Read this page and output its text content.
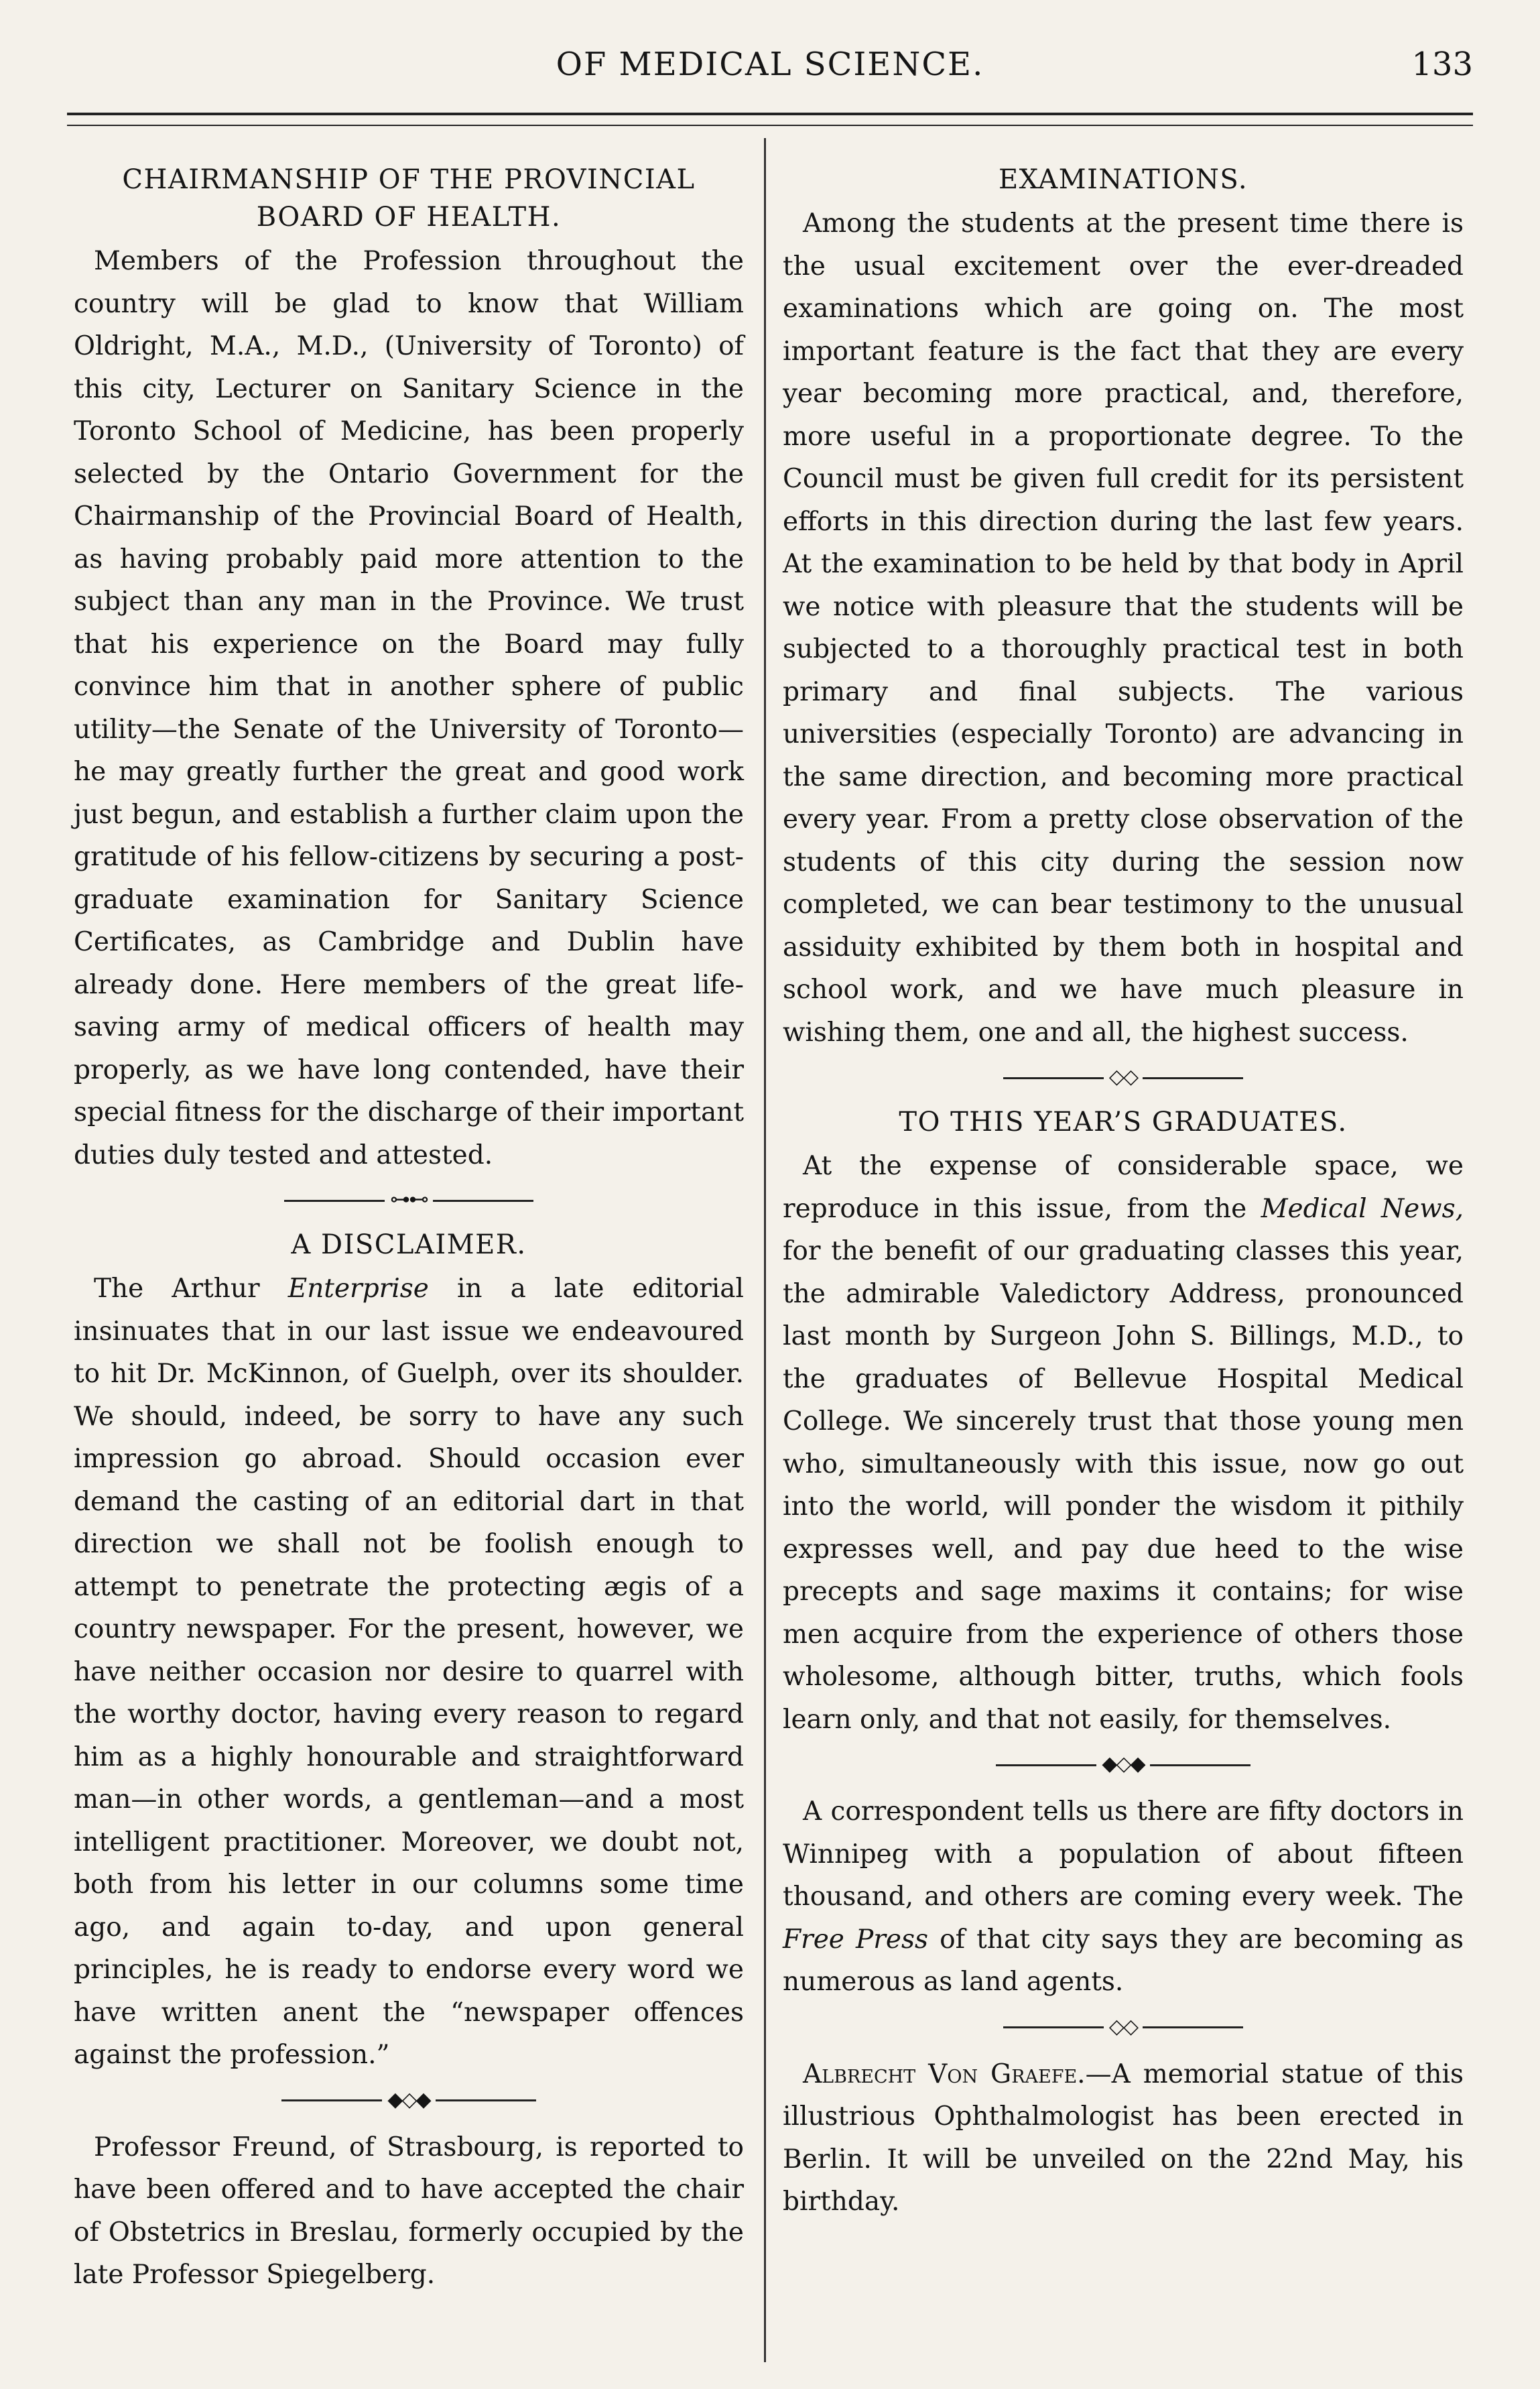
OF MEDICAL SCIENCE.	133
CHAIRMANSHIP OF THE PROVINCIAL
BOARD OF HEALTH.

Members of the Profession throughout the country will be glad to know that William Oldright, M.A., M.D., (University of Toronto) of this city, Lecturer on Sanitary Science in the Toronto School of Medicine, has been properly selected by the Ontario Government for the Chairmanship of the Provincial Board of Health, as having probably paid more attention to the subject than any man in the Province. We trust that his experience on the Board may fully convince him that in another sphere of public utility—the Senate of the University of Toronto—he may greatly further the great and good work just begun, and establish a further claim upon the gratitude of his fellow-citizens by securing a post-graduate examination for Sanitary Science Certificates, as Cambridge and Dublin have already done. Here members of the great life-saving army of medical officers of health may properly, as we have long contended, have their special fitness for the discharge of their important duties duly tested and attested.

⊶⊷
A DISCLAIMER.

The Arthur Enterprise in a late editorial insinuates that in our last issue we endeavoured to hit Dr. McKinnon, of Guelph, over its shoulder. We should, indeed, be sorry to have any such impression go abroad. Should occasion ever demand the casting of an editorial dart in that direction we shall not be foolish enough to attempt to penetrate the protecting ægis of a country newspaper. For the present, however, we have neither occasion nor desire to quarrel with the worthy doctor, having every reason to regard him as a highly honourable and straightforward man—in other words, a gentleman—and a most intelligent practitioner. Moreover, we doubt not, both from his letter in our columns some time ago, and again to-day, and upon general principles, he is ready to endorse every word we have written anent the “newspaper offences against the profession.”

◆◇◆

Professor Freund, of Strasbourg, is reported to have been offered and to have accepted the chair of Obstetrics in Breslau, formerly occupied by the late Professor Spiegelberg.

EXAMINATIONS.

Among the students at the present time there is the usual excitement over the ever-dreaded examinations which are going on. The most important feature is the fact that they are every year becoming more practical, and, therefore, more useful in a proportionate degree. To the Council must be given full credit for its persistent efforts in this direction during the last few years. At the examination to be held by that body in April we notice with pleasure that the students will be subjected to a thoroughly practical test in both primary and final subjects. The various universities (especially Toronto) are advancing in the same direction, and becoming more practical every year. From a pretty close observation of the students of this city during the session now completed, we can bear testimony to the unusual assiduity exhibited by them both in hospital and school work, and we have much pleasure in wishing them, one and all, the highest success.

◇◇
TO THIS YEAR’S GRADUATES.

At the expense of considerable space, we reproduce in this issue, from the Medical News, for the benefit of our graduating classes this year, the admirable Valedictory Address, pronounced last month by Surgeon John S. Billings, M.D., to the graduates of Bellevue Hospital Medical College. We sincerely trust that those young men who, simultaneously with this issue, now go out into the world, will ponder the wisdom it pithily expresses well, and pay due heed to the wise precepts and sage maxims it contains; for wise men acquire from the experience of others those wholesome, although bitter, truths, which fools learn only, and that not easily, for themselves.

◆◇◆

A correspondent tells us there are fifty doctors in Winnipeg with a population of about fifteen thousand, and others are coming every week. The Free Press of that city says they are becoming as numerous as land agents.

◇◇

Albrecht Von Graefe.—A memorial statue of this illustrious Ophthalmologist has been erected in Berlin. It will be unveiled on the 22nd May, his birthday.
